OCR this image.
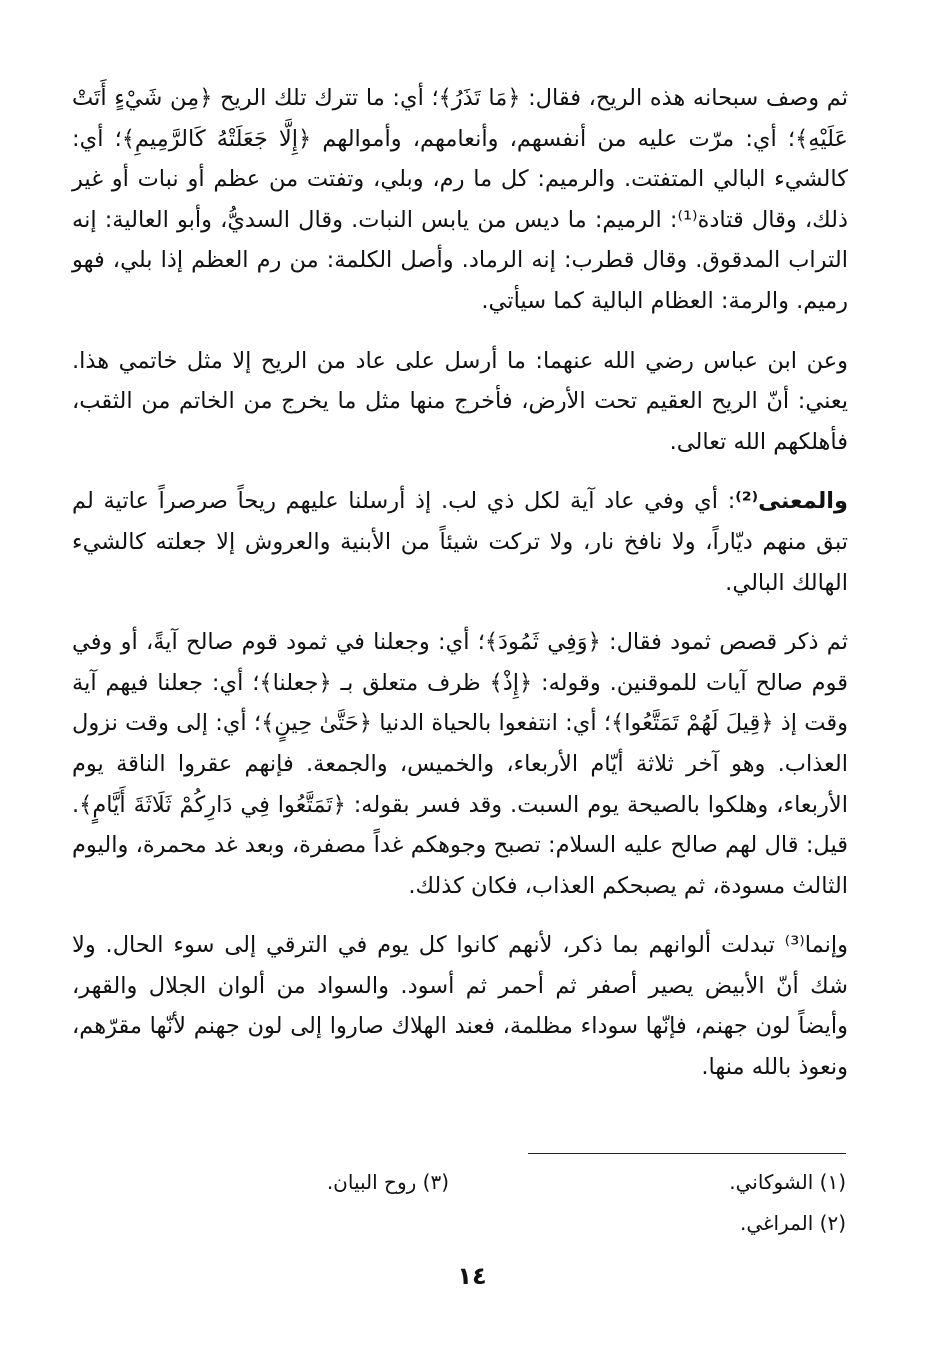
ثم وصف سبحانه هذه الريح، فقال: ﴿مَا تَذَرُ﴾؛ أي: ما تترك تلك الريح ﴿مِن شَيْءٍ أَتَتْ عَلَيْهِ﴾؛ أي: مرّت عليه من أنفسهم، وأنعامهم، وأموالهم ﴿إِلَّا جَعَلَتْهُ كَالرَّمِيمِ﴾؛ أي: كالشيء البالي المتفتت. والرميم: كل ما رم، وبلي، وتفتت من عظم أو نبات أو غير ذلك، وقال قتادة⁽¹⁾: الرميم: ما ديس من يابس النبات. وقال السديُّ، وأبو العالية: إنه التراب المدقوق. وقال قطرب: إنه الرماد. وأصل الكلمة: من رم العظم إذا بلي، فهو رميم. والرمة: العظام البالية كما سيأتي.

وعن ابن عباس رضي الله عنهما: ما أرسل على عاد من الريح إلا مثل خاتمي هذا. يعني: أنّ الريح العقيم تحت الأرض، فأخرج منها مثل ما يخرج من الخاتم من الثقب، فأهلكهم الله تعالى.

والمعنى⁽²⁾: أي وفي عاد آية لكل ذي لب. إذ أرسلنا عليهم ريحاً صرصراً عاتية لم تبق منهم ديّاراً، ولا نافخ نار، ولا تركت شيئاً من الأبنية والعروش إلا جعلته كالشيء الهالك البالي.

ثم ذكر قصص ثمود فقال: ﴿وَفِي ثَمُودَ﴾؛ أي: وجعلنا في ثمود قوم صالح آيةً، أو وفي قوم صالح آيات للموقنين. وقوله: ﴿إِذْ﴾ ظرف متعلق بـ ﴿جعلنا﴾؛ أي: جعلنا فيهم آية وقت إذ ﴿قِيلَ لَهُمْ تَمَتَّعُوا﴾؛ أي: انتفعوا بالحياة الدنيا ﴿حَتَّىٰ حِينٍ﴾؛ أي: إلى وقت نزول العذاب. وهو آخر ثلاثة أيّام الأربعاء، والخميس، والجمعة. فإنهم عقروا الناقة يوم الأربعاء، وهلكوا بالصيحة يوم السبت. وقد فسر بقوله: ﴿تَمَتَّعُوا فِي دَارِكُمْ ثَلَاثَةَ أَيَّامٍ﴾. قيل: قال لهم صالح عليه السلام: تصبح وجوهكم غداً مصفرة، وبعد غد محمرة، واليوم الثالث مسودة، ثم يصبحكم العذاب، فكان كذلك.

وإنما⁽³⁾ تبدلت ألوانهم بما ذكر، لأنهم كانوا كل يوم في الترقي إلى سوء الحال. ولا شك أنّ الأبيض يصير أصفر ثم أحمر ثم أسود. والسواد من ألوان الجلال والقهر، وأيضاً لون جهنم، فإنّها سوداء مظلمة، فعند الهلاك صاروا إلى لون جهنم لأنّها مقرّهم، ونعوذ بالله منها.

(١) الشوكاني.
(٣) روح البيان.
(٢) المراغي.
١٤
